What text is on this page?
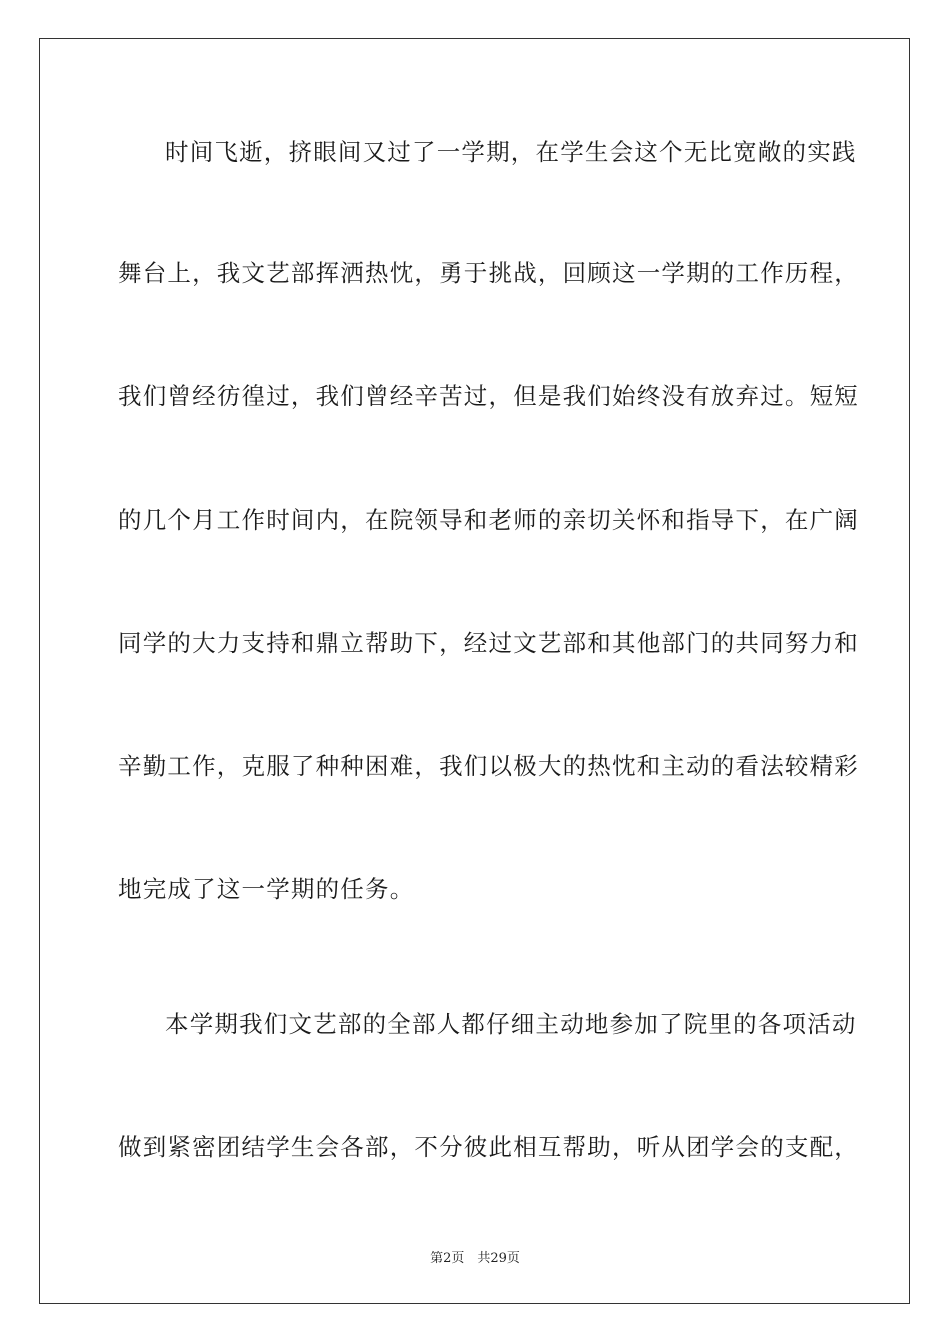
时间飞逝，挤眼间又过了一学期，在学生会这个无比宽敞的实践
舞台上，我文艺部挥洒热忱，勇于挑战，回顾这一学期的工作历程，
我们曾经彷徨过，我们曾经辛苦过，但是我们始终没有放弃过。短短
的几个月工作时间内，在院领导和老师的亲切关怀和指导下，在广阔
同学的大力支持和鼎立帮助下，经过文艺部和其他部门的共同努力和
辛勤工作，克服了种种困难，我们以极大的热忱和主动的看法较精彩
地完成了这一学期的任务。
本学期我们文艺部的全部人都仔细主动地参加了院里的各项活动
做到紧密团结学生会各部，不分彼此相互帮助，听从团学会的支配，
第2页　共29页
